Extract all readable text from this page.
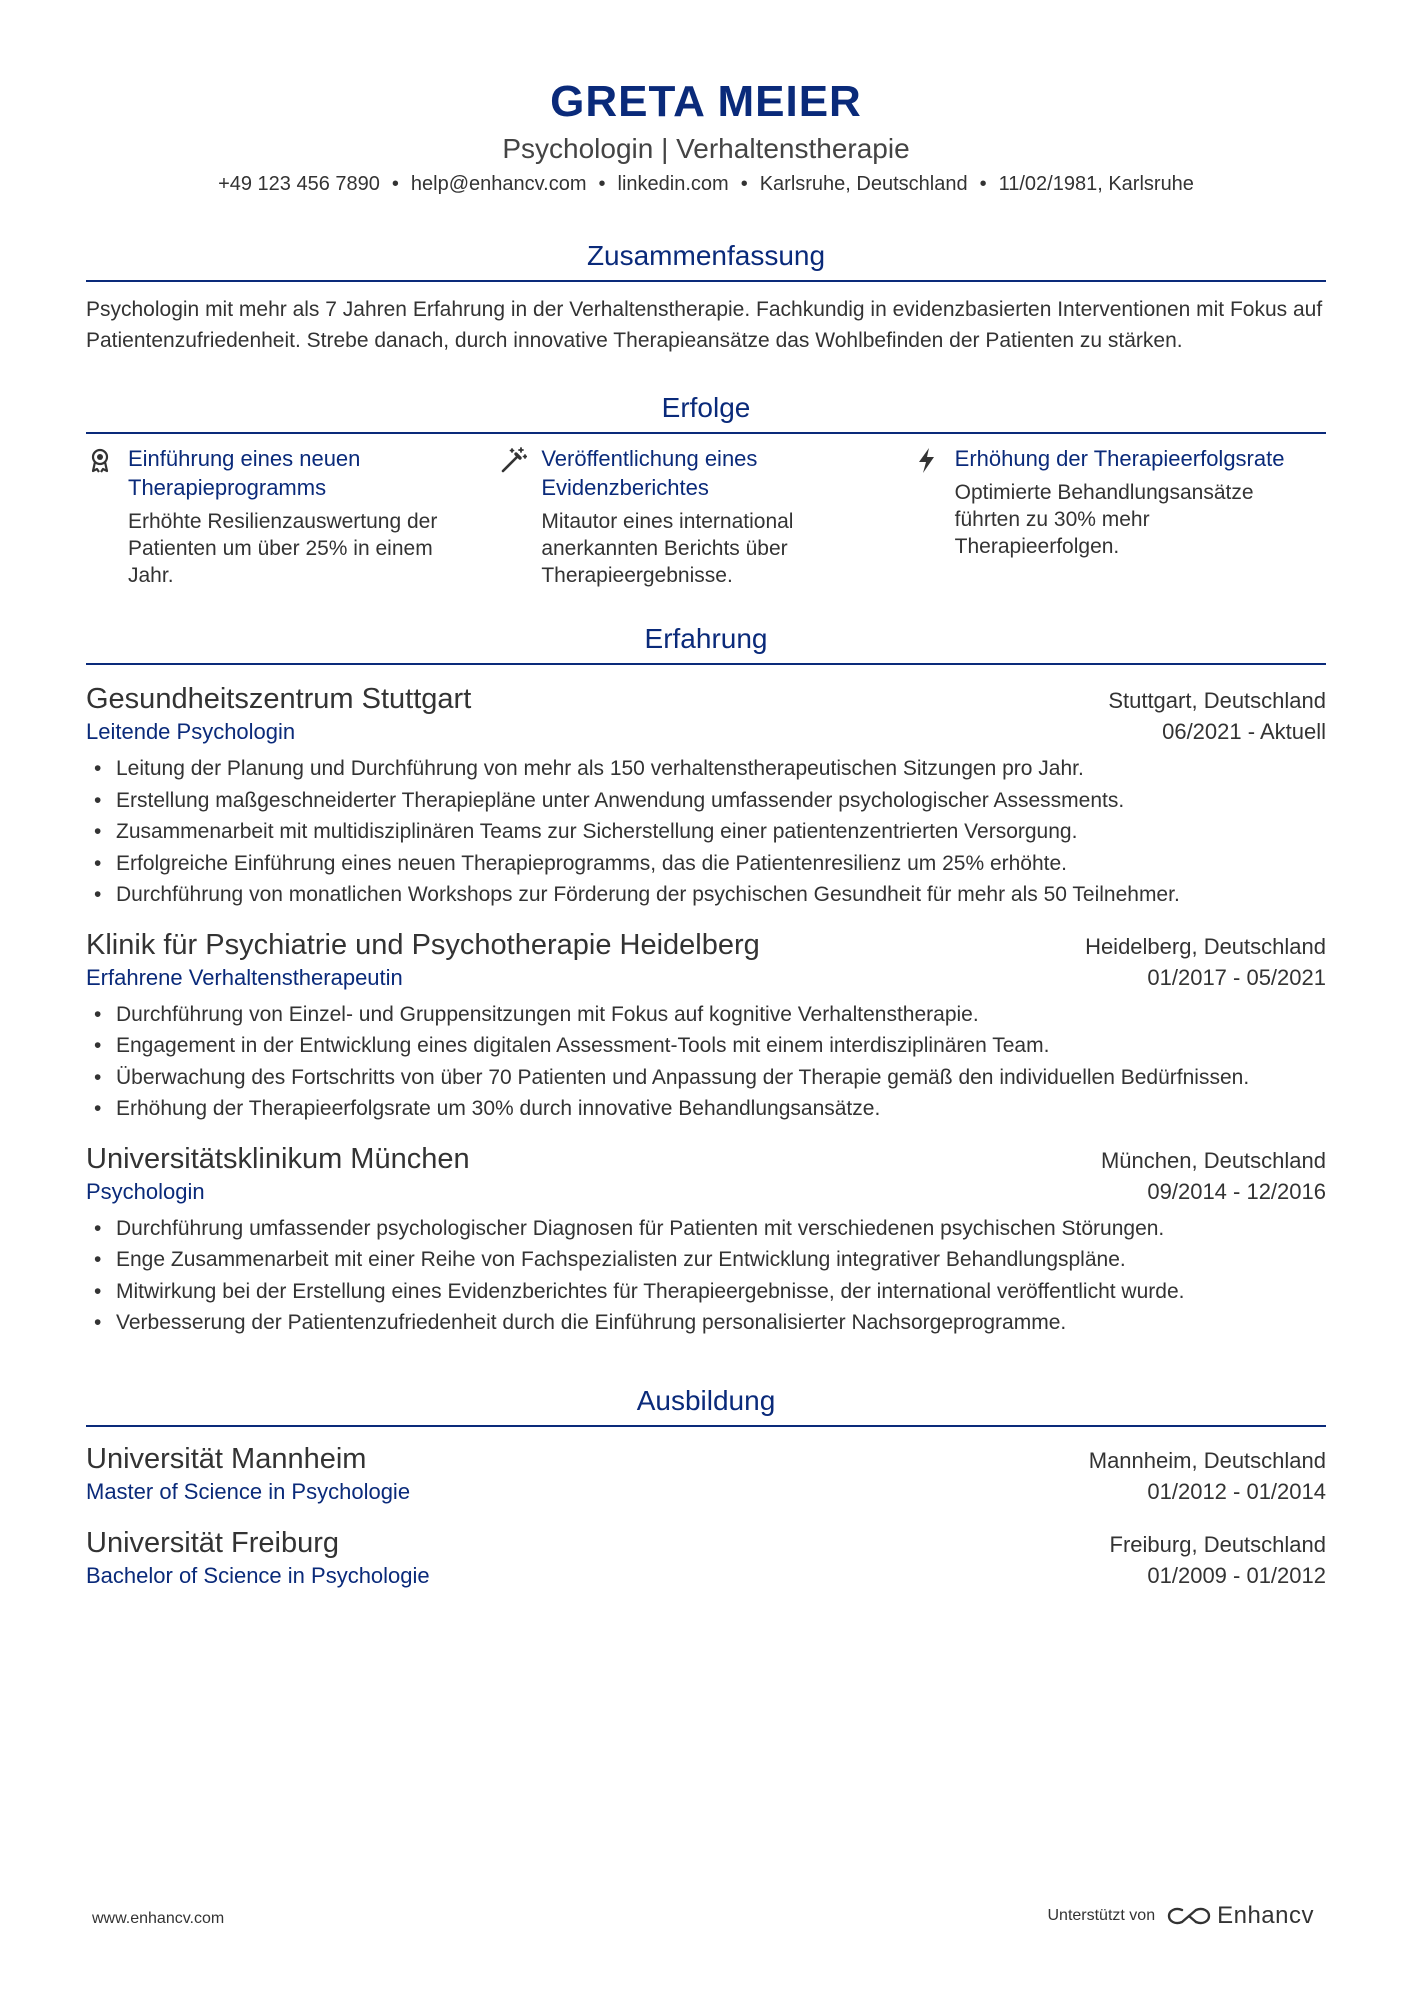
GRETA MEIER
Psychologin | Verhaltenstherapie
+49 123 456 7890 • help@enhancv.com • linkedin.com • Karlsruhe, Deutschland • 11/02/1981, Karlsruhe
Zusammenfassung
Psychologin mit mehr als 7 Jahren Erfahrung in der Verhaltenstherapie. Fachkundig in evidenzbasierten Interventionen mit Fokus auf Patientenzufriedenheit. Strebe danach, durch innovative Therapieansätze das Wohlbefinden der Patienten zu stärken.
Erfolge
Einführung eines neuen Therapieprogramms
Erhöhte Resilienzauswertung der Patienten um über 25% in einem Jahr.
Veröffentlichung eines Evidenzberichtes
Mitautor eines international anerkannten Berichts über Therapieergebnisse.
Erhöhung der Therapieerfolgsrate
Optimierte Behandlungsansätze führten zu 30% mehr Therapieerfolgen.
Erfahrung
Gesundheitszentrum Stuttgart	Stuttgart, Deutschland
Leitende Psychologin	06/2021 - Aktuell
• Leitung der Planung und Durchführung von mehr als 150 verhaltenstherapeutischen Sitzungen pro Jahr.
• Erstellung maßgeschneiderter Therapiepläne unter Anwendung umfassender psychologischer Assessments.
• Zusammenarbeit mit multidisziplinären Teams zur Sicherstellung einer patientenzentrierten Versorgung.
• Erfolgreiche Einführung eines neuen Therapieprogramms, das die Patientenresilienz um 25% erhöhte.
• Durchführung von monatlichen Workshops zur Förderung der psychischen Gesundheit für mehr als 50 Teilnehmer.
Klinik für Psychiatrie und Psychotherapie Heidelberg	Heidelberg, Deutschland
Erfahrene Verhaltenstherapeutin	01/2017 - 05/2021
• Durchführung von Einzel- und Gruppensitzungen mit Fokus auf kognitive Verhaltenstherapie.
• Engagement in der Entwicklung eines digitalen Assessment-Tools mit einem interdisziplinären Team.
• Überwachung des Fortschritts von über 70 Patienten und Anpassung der Therapie gemäß den individuellen Bedürfnissen.
• Erhöhung der Therapieerfolgsrate um 30% durch innovative Behandlungsansätze.
Universitätsklinikum München	München, Deutschland
Psychologin	09/2014 - 12/2016
• Durchführung umfassender psychologischer Diagnosen für Patienten mit verschiedenen psychischen Störungen.
• Enge Zusammenarbeit mit einer Reihe von Fachspezialisten zur Entwicklung integrativer Behandlungspläne.
• Mitwirkung bei der Erstellung eines Evidenzberichtes für Therapieergebnisse, der international veröffentlicht wurde.
• Verbesserung der Patientenzufriedenheit durch die Einführung personalisierter Nachsorgeprogramme.
Ausbildung
Universität Mannheim	Mannheim, Deutschland
Master of Science in Psychologie	01/2012 - 01/2014
Universität Freiburg	Freiburg, Deutschland
Bachelor of Science in Psychologie	01/2009 - 01/2012
www.enhancv.com	Unterstützt von	Enhancv
